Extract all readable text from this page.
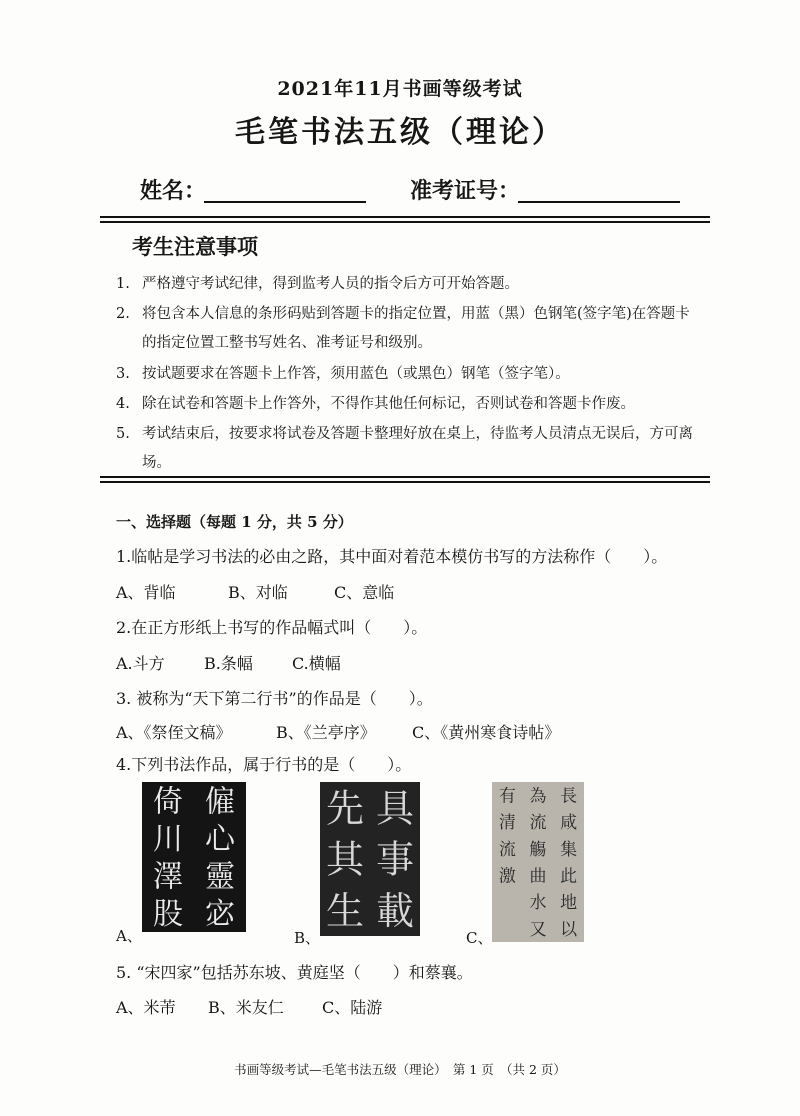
2021年11月书画等级考试
毛笔书法五级（理论）
姓名：	准考证号：
考生注意事项
1. 严格遵守考试纪律，得到监考人员的指令后方可开始答题。
2. 将包含本人信息的条形码贴到答题卡的指定位置，用蓝（黑）色钢笔(签字笔)在答题卡的指定位置工整书写姓名、准考证号和级别。
3. 按试题要求在答题卡上作答，须用蓝色（或黑色）钢笔（签字笔）。
4. 除在试卷和答题卡上作答外，不得作其他任何标记，否则试卷和答题卡作废。
5. 考试结束后，按要求将试卷及答题卡整理好放在桌上，待监考人员清点无误后，方可离场。
一、选择题（每题 1 分，共 5 分）
1.临帖是学习书法的必由之路，其中面对着范本模仿书写的方法称作（　　）。
A、背临	B、对临	C、意临
2.在正方形纸上书写的作品幅式叫（　　）。
A.斗方 B.条幅 C.横幅
3. 被称为“天下第二行书”的作品是（　　）。
A、《祭侄文稿》	B、《兰亭序》 C、《黄州寒食诗帖》
4.下列书法作品，属于行书的是（　　）。
A、
倚 僱
川 心
澤 靈
股 宓
B、
具
事
載
先
其
生
C、
長
咸
集
此
地
以
為
流
觴
曲
水
又
有
清
流
激
5. “宋四家”包括苏东坡、黄庭坚（　　）和蔡襄。
A、米芾 B、米友仁 C、陆游
书画等级考试—毛笔书法五级（理论）　第 1 页　（共 2 页）
